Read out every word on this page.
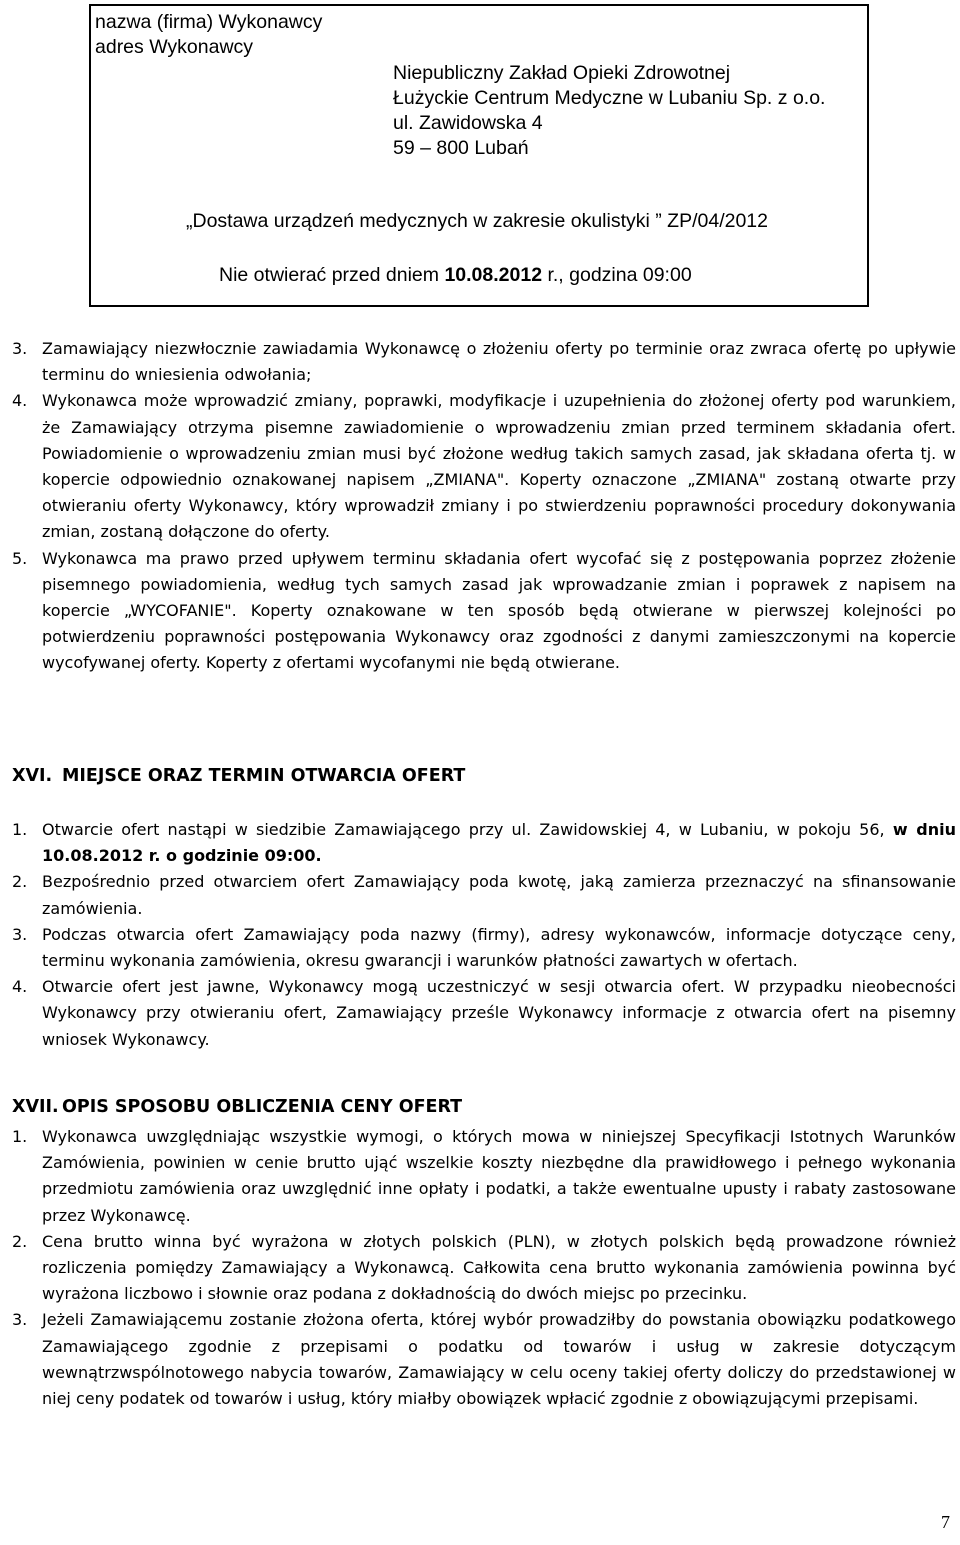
nazwa (firma) Wykonawcy
adres Wykonawcy
Niepubliczny Zakład Opieki Zdrowotnej
Łużyckie Centrum Medyczne w Lubaniu Sp. z o.o.
ul. Zawidowska 4
59 – 800 Lubań
„Dostawa urządzeń medycznych w zakresie okulistyki ” ZP/04/2012
Nie otwierać przed dniem 10.08.2012 r., godzina 09:00
3. Zamawiający niezwłocznie zawiadamia Wykonawcę o złożeniu oferty po terminie oraz zwraca ofertę po upływie terminu do wniesienia odwołania;

4. Wykonawca może wprowadzić zmiany, poprawki, modyfikacje i uzupełnienia do złożonej oferty pod warunkiem, że Zamawiający otrzyma pisemne zawiadomienie o wprowadzeniu zmian przed terminem składania ofert. Powiadomienie o wprowadzeniu zmian musi być złożone według takich samych zasad, jak składana oferta tj. w kopercie odpowiednio oznakowanej napisem „ZMIANA". Koperty oznaczone „ZMIANA" zostaną otwarte przy otwieraniu oferty Wykonawcy, który wprowadził zmiany i po stwierdzeniu poprawności procedury dokonywania zmian, zostaną dołączone do oferty.

5. Wykonawca ma prawo przed upływem terminu składania ofert wycofać się z postępowania poprzez złożenie pisemnego powiadomienia, według tych samych zasad jak wprowadzanie zmian i poprawek z napisem na kopercie „WYCOFANIE". Koperty oznakowane w ten sposób będą otwierane w pierwszej kolejności po potwierdzeniu poprawności postępowania Wykonawcy oraz zgodności z danymi zamieszczonymi na kopercie wycofywanej oferty. Koperty z ofertami wycofanymi nie będą otwierane.

XVI. MIEJSCE ORAZ TERMIN OTWARCIA OFERT
1. Otwarcie ofert nastąpi w siedzibie Zamawiającego przy ul. Zawidowskiej 4, w Lubaniu, w pokoju 56, w dniu 10.08.2012 r. o godzinie 09:00.

2. Bezpośrednio przed otwarciem ofert Zamawiający poda kwotę, jaką zamierza przeznaczyć na sfinansowanie zamówienia.

3. Podczas otwarcia ofert Zamawiający poda nazwy (firmy), adresy wykonawców, informacje dotyczące ceny, terminu wykonania zamówienia, okresu gwarancji i warunków płatności zawartych w ofertach.

4. Otwarcie ofert jest jawne, Wykonawcy mogą uczestniczyć w sesji otwarcia ofert. W przypadku nieobecności Wykonawcy przy otwieraniu ofert, Zamawiający prześle Wykonawcy informacje z otwarcia ofert na pisemny wniosek Wykonawcy.

XVII. OPIS SPOSOBU OBLICZENIA CENY OFERT
1. Wykonawca uwzględniając wszystkie wymogi, o których mowa w niniejszej Specyfikacji Istotnych Warunków Zamówienia, powinien w cenie brutto ująć wszelkie koszty niezbędne dla prawidłowego i pełnego wykonania przedmiotu zamówienia oraz uwzględnić inne opłaty i podatki, a także ewentualne upusty i rabaty zastosowane przez Wykonawcę.

2. Cena brutto winna być wyrażona w złotych polskich (PLN), w złotych polskich będą prowadzone również rozliczenia pomiędzy Zamawiający a Wykonawcą. Całkowita cena brutto wykonania zamówienia powinna być wyrażona liczbowo i słownie oraz podana z dokładnością do dwóch miejsc po przecinku.

3. Jeżeli Zamawiającemu zostanie złożona oferta, której wybór prowadziłby do powstania obowiązku podatkowego Zamawiającego zgodnie z przepisami o podatku od towarów i usług w zakresie dotyczącym wewnątrzwspólnotowego nabycia towarów, Zamawiający w celu oceny takiej oferty doliczy do przedstawionej w niej ceny podatek od towarów i usług, który miałby obowiązek wpłacić zgodnie z obowiązującymi przepisami.

7
